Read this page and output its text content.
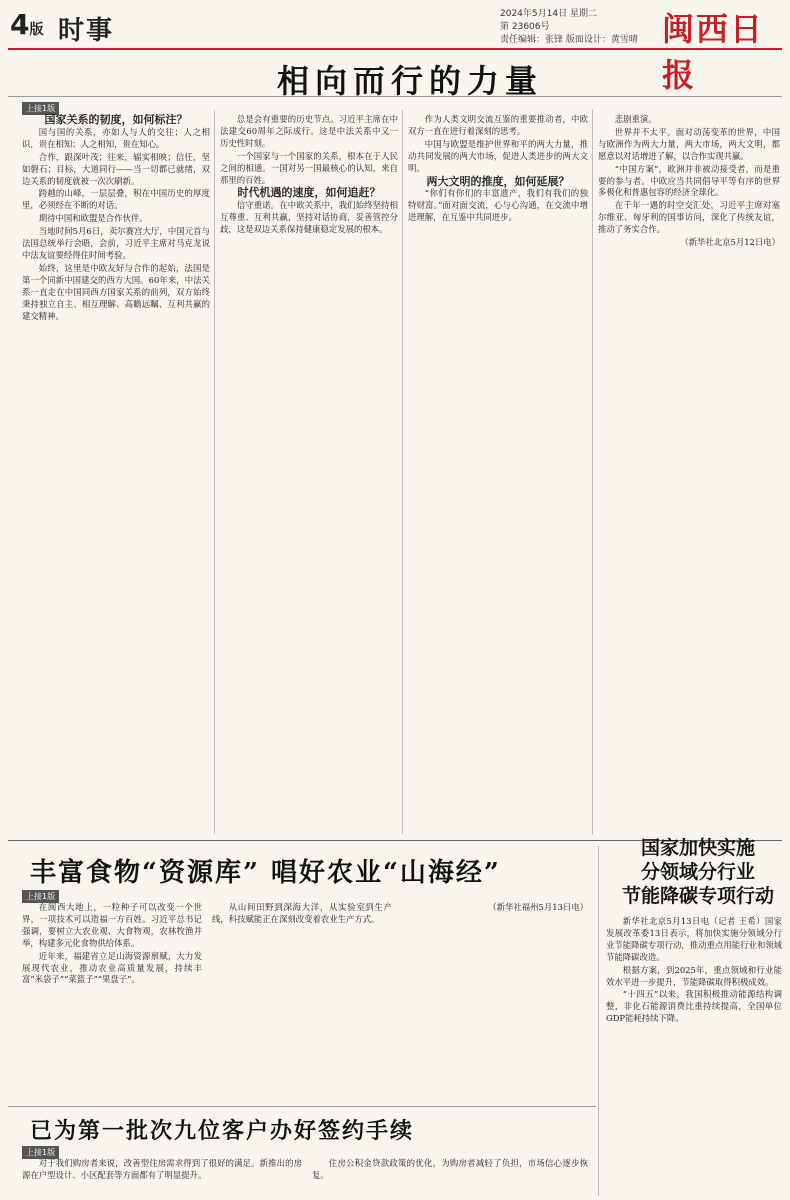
4版 时事
2024年5月14日 星期二
第 23606号
责任编辑：张锋 版面设计：黄雪晴 闽西日报
相向而行的力量
上接1版

国家关系的韧度，如何标注？

国与国的关系，亦如人与人的交往；人之相识，贵在相知；人之相知，贵在知心。

合作，跟深叶茂；往来，辐实相映；信任，坚如磐石；目标，大道同行——当一切都已就绪，双边关系的韧度就被一次次刷新。

跨越的山峰，一层层叠，积在中国历史的厚度里，必须经在不断的对话。

期待中国和欧盟是合作伙伴。

当地时间5月6日，卖尔赛宫大厅，中国元首与法国总统举行会晤，会前，习近平主席对马克龙说中法友谊要经得住时间考验。

始终，这里是中欧友好与合作的起始，法国是第一个同新中国建交的西方大国。60年来，中法关系一直走在中国同西方国家关系的前列，双方始终秉持独立自主、相互理解、高瞻远瞩、互利共赢的建交精神。

总是会有重要的历史节点。习近平主席在中法建交60周年之际成行。这是中法关系中又一历史性时刻。

一个国家与一个国家的关系，根本在于人民之间的相通。一国对另一国最核心的认知，来自那里的百姓。

时代机遇的速度，如何追赶？

信守重诺。在中欧关系中，我们始终坚持相互尊重、互利共赢，坚持对话协商，妥善管控分歧，这是双边关系保持健康稳定发展的根本。

作为人类文明交流互鉴的重要推动者，中欧双方一直在进行着深刻的思考。

中国与欧盟是维护世界和平的两大力量，推动共同发展的两大市场，促进人类进步的两大文明。

两大文明的推度，如何延展？

“你们有你们的丰富遗产，我们有我们的独特财富。”面对面交流，心与心沟通，在交流中增进理解，在互鉴中共同进步。

悲剧重演。

世界并不太平。面对动荡变革的世界，中国与欧洲作为两大力量，两大市场，两大文明，都愿意以对话增进了解，以合作实现共赢。

“中国方案”，欧洲并非被动接受者，而是重要的参与者。中欧应当共同倡导平等有序的世界多极化和普惠包容的经济全球化。

在千年一遇的时空交汇处，习近平主席对塞尔维亚、匈牙利的国事访问，深化了传统友谊，推动了务实合作。

（新华社北京5月12日电）

丰富食物“资源库” 唱好农业“山海经”
上接1版

在闽西大地上，一粒种子可以改变一个世界，一项技术可以造福一方百姓。习近平总书记强调，要树立大农业观、大食物观，农林牧渔并举，构建多元化食物供给体系。

近年来，福建省立足山海资源禀赋，大力发展现代农业，推动农业高质量发展，持续丰富“米袋子”“菜篮子”“果盘子”。

从山间田野到深海大洋，从实验室到生产线，科技赋能正在深刻改变着农业生产方式。

（新华社福州5月13日电）

国家加快实施
分领域分行业
节能降碳专项行动

新华社北京5月13日电（记者 王希）国家发展改革委13日表示，将加快实施分领域分行业节能降碳专项行动，推动重点用能行业和领域节能降碳改造。

根据方案，到2025年，重点领域和行业能效水平进一步提升，节能降碳取得积极成效。

“十四五”以来，我国积极推动能源结构调整，非化石能源消费比重持续提高，全国单位GDP能耗持续下降。

已为第一批次九位客户办好签约手续
上接1版

对于我们购房者来说，改善型住房需求得到了很好的满足。新推出的房源在户型设计、小区配套等方面都有了明显提升。

住房公积金贷款政策的优化，为购房者减轻了负担，市场信心逐步恢复。
